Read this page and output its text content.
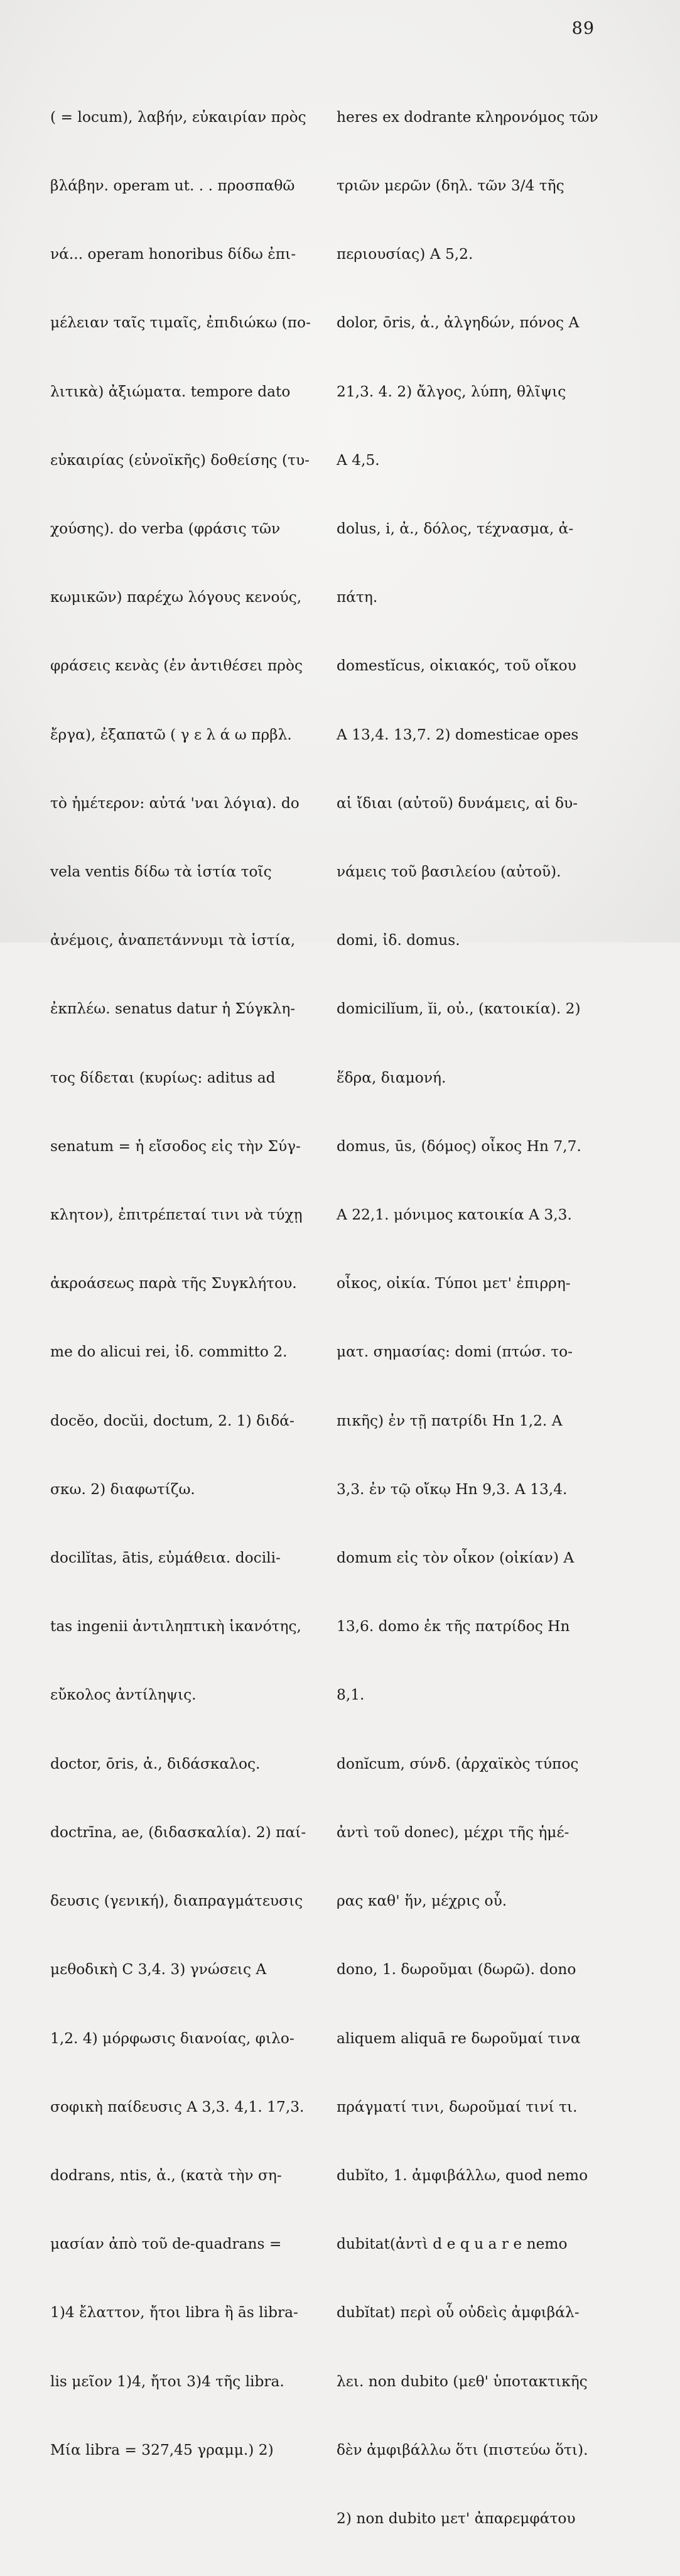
89

( = locum), λαβήν, εὐκαιρίαν πρὸς

βλάβην. operam ut. . . προσπαθῶ

νά... operam honoribus δίδω ἐπι-

μέλειαν ταῖς τιμαῖς, ἐπιδιώκω (πο-

λιτικὰ) ἀξιώματα. tempore dato

εὐκαιρίας (εὐνοϊκῆς) δοθείσης (τυ-

χούσης). do verba (φράσις τῶν

κωμικῶν) παρέχω λόγους κενούς,

φράσεις κενὰς (ἐν ἀντιθέσει πρὸς

ἔργα), ἐξαπατῶ ( γ ε λ ά ω πρβλ.

τὸ ἡμέτερον: αὐτά 'ναι λόγια). do

vela ventis δίδω τὰ ἱστία τοῖς

ἀνέμοις, ἀναπετάννυμι τὰ ἱστία,

ἐκπλέω. senatus datur ἡ Σύγκλη-

τος δίδεται (κυρίως: aditus ad

senatum = ἡ εἴσοδος εἰς τὴν Σύγ-

κλητον), ἐπιτρέπεταί τινι νὰ τύχῃ

ἀκροάσεως παρὰ τῆς Συγκλήτου.

me do alicui rei, ἰδ. committo 2.

docĕo, docŭi, doctum, 2. 1) διδά-

σκω. 2) διαφωτίζω.

docilĭtas, ātis, εὐμάθεια. docili-

tas ingenii ἀντιληπτικὴ ἱκανότης,

εὔκολος ἀντίληψις.

doctor, ōris, ἀ., διδάσκαλος.

doctrīna, ae, (διδασκαλία). 2) παί-

δευσις (γενική), διαπραγμάτευσις

μεθοδικὴ C 3,4. 3) γνώσεις A

1,2. 4) μόρφωσις διανοίας, φιλο-

σοφικὴ παίδευσις A 3,3. 4,1. 17,3.

dodrans, ntis, ἀ., (κατὰ τὴν ση-

μασίαν ἀπὸ τοῦ de-quadrans =

1)4 ἔλαττον, ἤτοι libra ἢ ās libra-

lis μεῖον 1)4, ἤτοι 3)4 τῆς libra.

Μία libra = 327,45 γραμμ.) 2)

heres ex dodrante κληρονόμος τῶν

τριῶν μερῶν (δηλ. τῶν 3/4 τῆς

περιουσίας) A 5,2.

dolor, ōris, ἀ., ἀλγηδών, πόνος A

21,3. 4. 2) ἄλγος, λύπη, θλῖψις

A 4,5.

dolus, i, ἀ., δόλος, τέχνασμα, ἀ-

πάτη.

domestĭcus, οἰκιακός, τοῦ οἴκου

A 13,4. 13,7. 2) domesticae opes

αἱ ἴδιαι (αὐτοῦ) δυνάμεις, αἱ δυ-

νάμεις τοῦ βασιλείου (αὐτοῦ).

domi, ἰδ. domus.

domicilĭum, ĭi, οὐ., (κατοικία). 2)

ἕδρα, διαμονή.

domus, ūs, (δόμος) οἶκος Hn 7,7.

A 22,1. μόνιμος κατοικία A 3,3.

οἶκος, οἰκία. Τύποι μετ' ἐπιρρη-

ματ. σημασίας: domi (πτώσ. το-

πικῆς) ἐν τῇ πατρίδι Hn 1,2. A

3,3. ἐν τῷ οἴκῳ Hn 9,3. A 13,4.

domum εἰς τὸν οἶκον (οἰκίαν) A

13,6. domo ἐκ τῆς πατρίδος Hn

8,1.

donĭcum, σύνδ. (ἀρχαϊκὸς τύπος

ἀντὶ τοῦ donec), μέχρι τῆς ἡμέ-

ρας καθ' ἥν, μέχρις οὗ.

dono, 1. δωροῦμαι (δωρῶ). dono

aliquem aliquā re δωροῦμαί τινα

πράγματί τινι, δωροῦμαί τινί τι.

dubĭto, 1. ἀμφιβάλλω, quod nemo

dubitat(ἀντὶ d e q u a r e nemo

dubĭtat) περὶ οὗ οὐδεὶς ἀμφιβάλ-

λει. non dubito (μεθ' ὑποτακτικῆς

δὲν ἀμφιβάλλω ὅτι (πιστεύω ὅτι).

2) non dubito μετ' ἀπαρεμφάτου
